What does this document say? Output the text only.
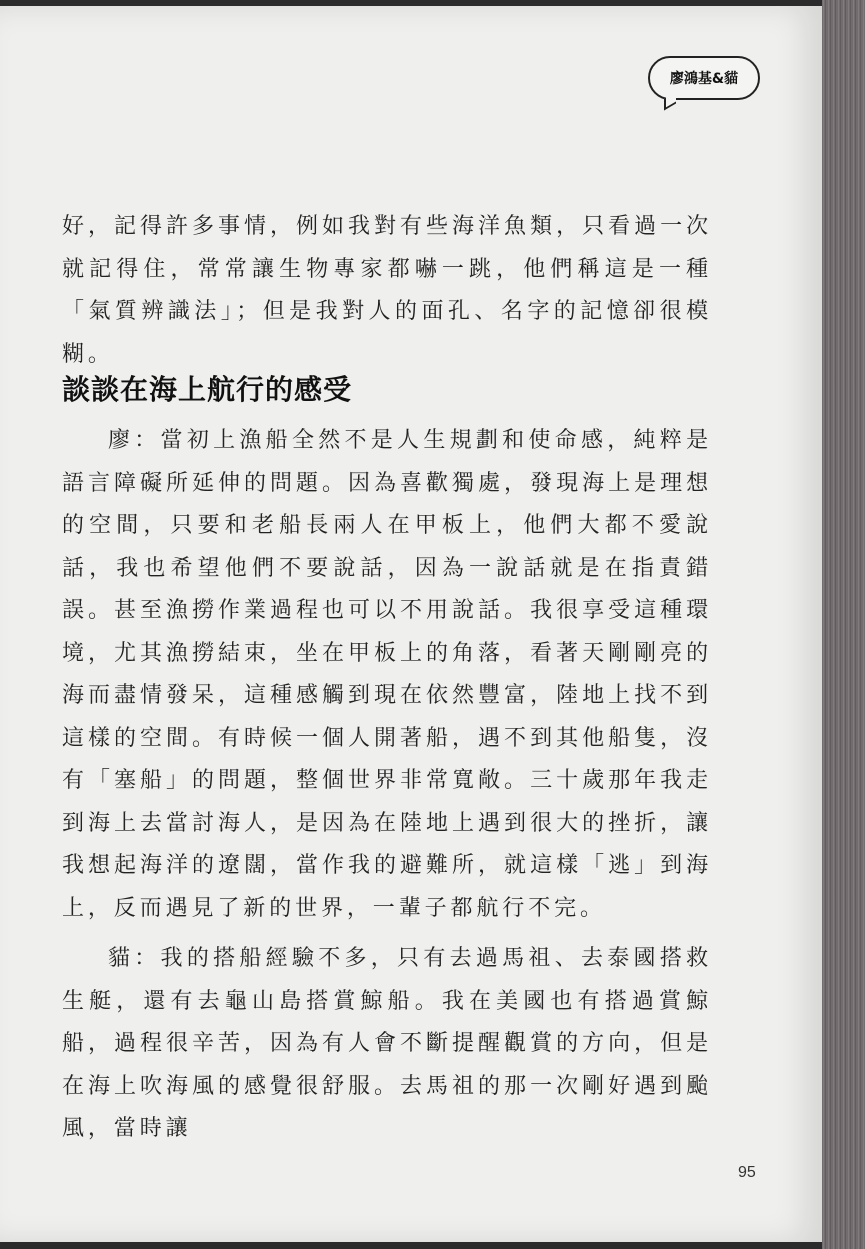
廖鴻基&貓

好，記得許多事情，例如我對有些海洋魚類，只看過一次就記得住，常常讓生物專家都嚇一跳，他們稱這是一種「氣質辨識法」；但是我對人的面孔、名字的記憶卻很模糊。

談談在海上航行的感受

廖：當初上漁船全然不是人生規劃和使命感，純粹是語言障礙所延伸的問題。因為喜歡獨處，發現海上是理想的空間，只要和老船長兩人在甲板上，他們大都不愛說話，我也希望他們不要說話，因為一說話就是在指責錯誤。甚至漁撈作業過程也可以不用說話。我很享受這種環境，尤其漁撈結束，坐在甲板上的角落，看著天剛剛亮的海而盡情發呆，這種感觸到現在依然豐富，陸地上找不到這樣的空間。有時候一個人開著船，遇不到其他船隻，沒有「塞船」的問題，整個世界非常寬敞。三十歲那年我走到海上去當討海人，是因為在陸地上遇到很大的挫折，讓我想起海洋的遼闊，當作我的避難所，就這樣「逃」到海上，反而遇見了新的世界，一輩子都航行不完。

貓：我的搭船經驗不多，只有去過馬祖、去泰國搭救生艇，還有去龜山島搭賞鯨船。我在美國也有搭過賞鯨船，過程很辛苦，因為有人會不斷提醒觀賞的方向，但是在海上吹海風的感覺很舒服。去馬祖的那一次剛好遇到颱風，當時讓

95
